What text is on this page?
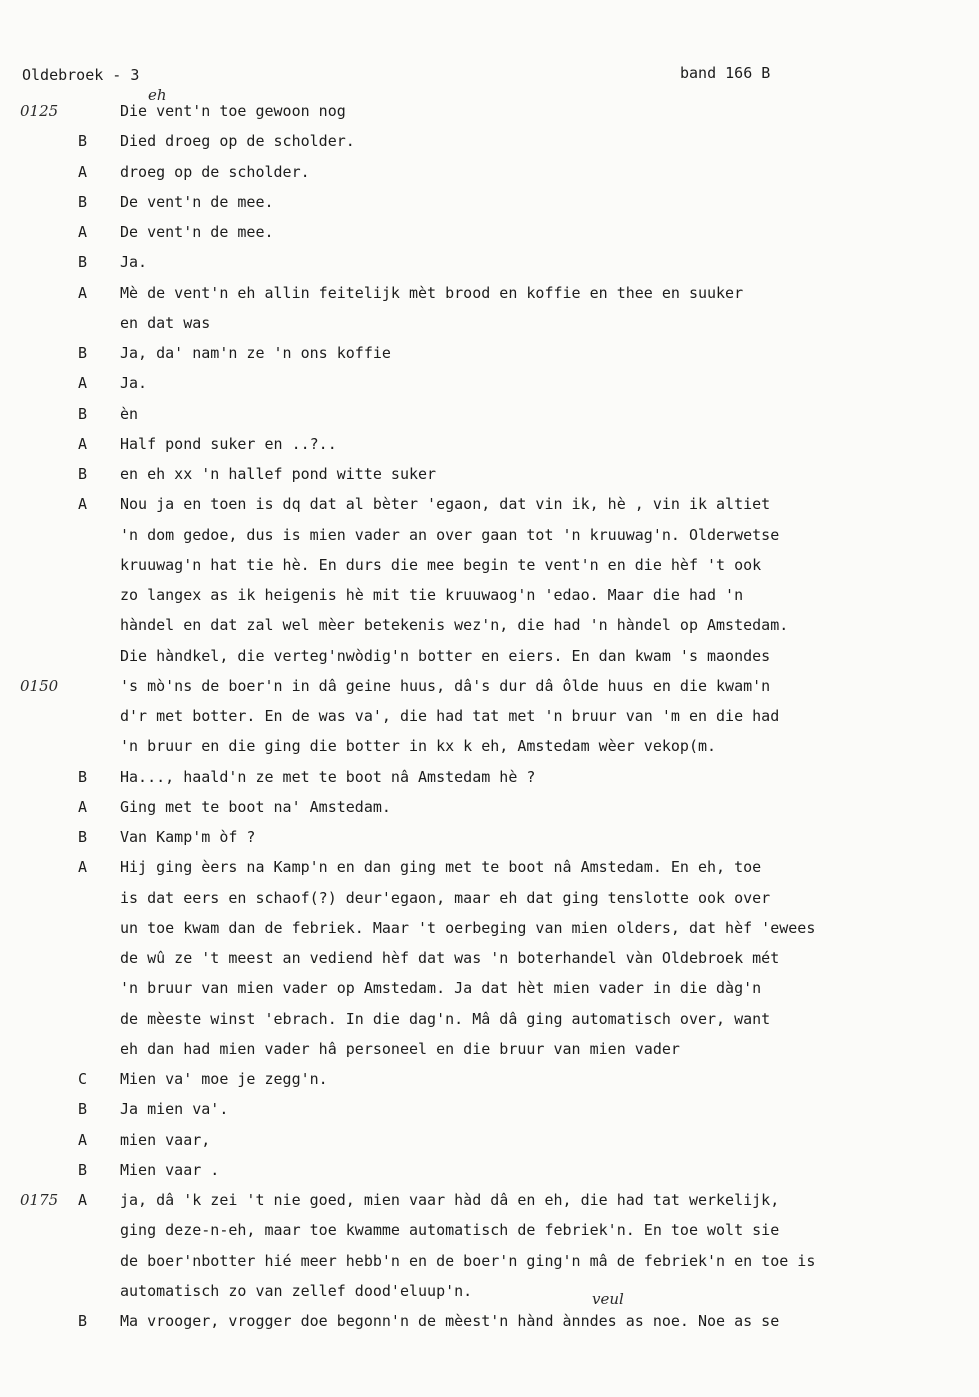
Oldebroek - 3	band 166 B
eh
veul
0125	Die vent'n toe gewoon nog
B	Died droeg op de scholder.
A	droeg op de scholder.
B	De vent'n de mee.
A	De vent'n de mee.
B	Ja.
A	Mè de vent'n eh allin feitelijk mèt brood en koffie en thee en suuker
en dat was
B	Ja, da' nam'n ze 'n ons koffie
A	Ja.
B	èn
A	Half pond suker en ..?..
B	en eh xx 'n hallef pond witte suker
A	Nou ja en toen is dq dat al bèter 'egaon, dat vin ik, hè , vin ik altiet
'n dom gedoe, dus is mien vader an over gaan tot 'n kruuwag'n. Olderwetse
kruuwag'n hat tie hè. En durs die mee begin te vent'n en die hèf 't ook
zo langex as ik heigenis hè mit tie kruuwaog'n 'edao. Maar die had 'n
hàndel en dat zal wel mèer betekenis wez'n, die had 'n hàndel op Amstedam.
Die hàndkel, die verteg'nwòdig'n botter en eiers. En dan kwam 's maondes
0150	's mò'ns de boer'n in dâ geine huus, dâ's dur dâ ôlde huus en die kwam'n
d'r met botter. En de was va', die had tat met 'n bruur van 'm en die had
'n bruur en die ging die botter in kx k eh, Amstedam wèer vekop(m.
B	Ha..., haald'n ze met te boot nâ Amstedam hè ?
A	Ging met te boot na' Amstedam.
B	Van Kamp'm òf ?
A	Hij ging èers na Kamp'n en dan ging met te boot nâ Amstedam. En eh, toe
is dat eers en schaof(?) deur'egaon, maar eh dat ging tenslotte ook over
un toe kwam dan de febriek. Maar 't oerbeging van mien olders, dat hèf 'ewees
de wû ze 't meest an vediend hèf dat was 'n boterhandel vàn Oldebroek mét
'n bruur van mien vader op Amstedam. Ja dat hèt mien vader in die dàg'n
de mèeste winst 'ebrach. In die dag'n. Mâ dâ ging automatisch over, want
eh dan had mien vader hâ personeel en die bruur van mien vader
C	Mien va' moe je zegg'n.
B	Ja mien va'.
A	mien vaar,
B	Mien vaar .
0175	A	ja, dâ 'k zei 't nie goed, mien vaar hàd dâ en eh, die had tat werkelijk,
ging deze-n-eh, maar toe kwamme automatisch de febriek'n. En toe wolt sie
de boer'nbotter hié meer hebb'n en de boer'n ging'n mâ de febriek'n en toe is
automatisch zo van zellef dood'eluup'n.
B	Ma vrooger, vrogger doe begonn'n de mèest'n hànd ànndes as noe. Noe as se
